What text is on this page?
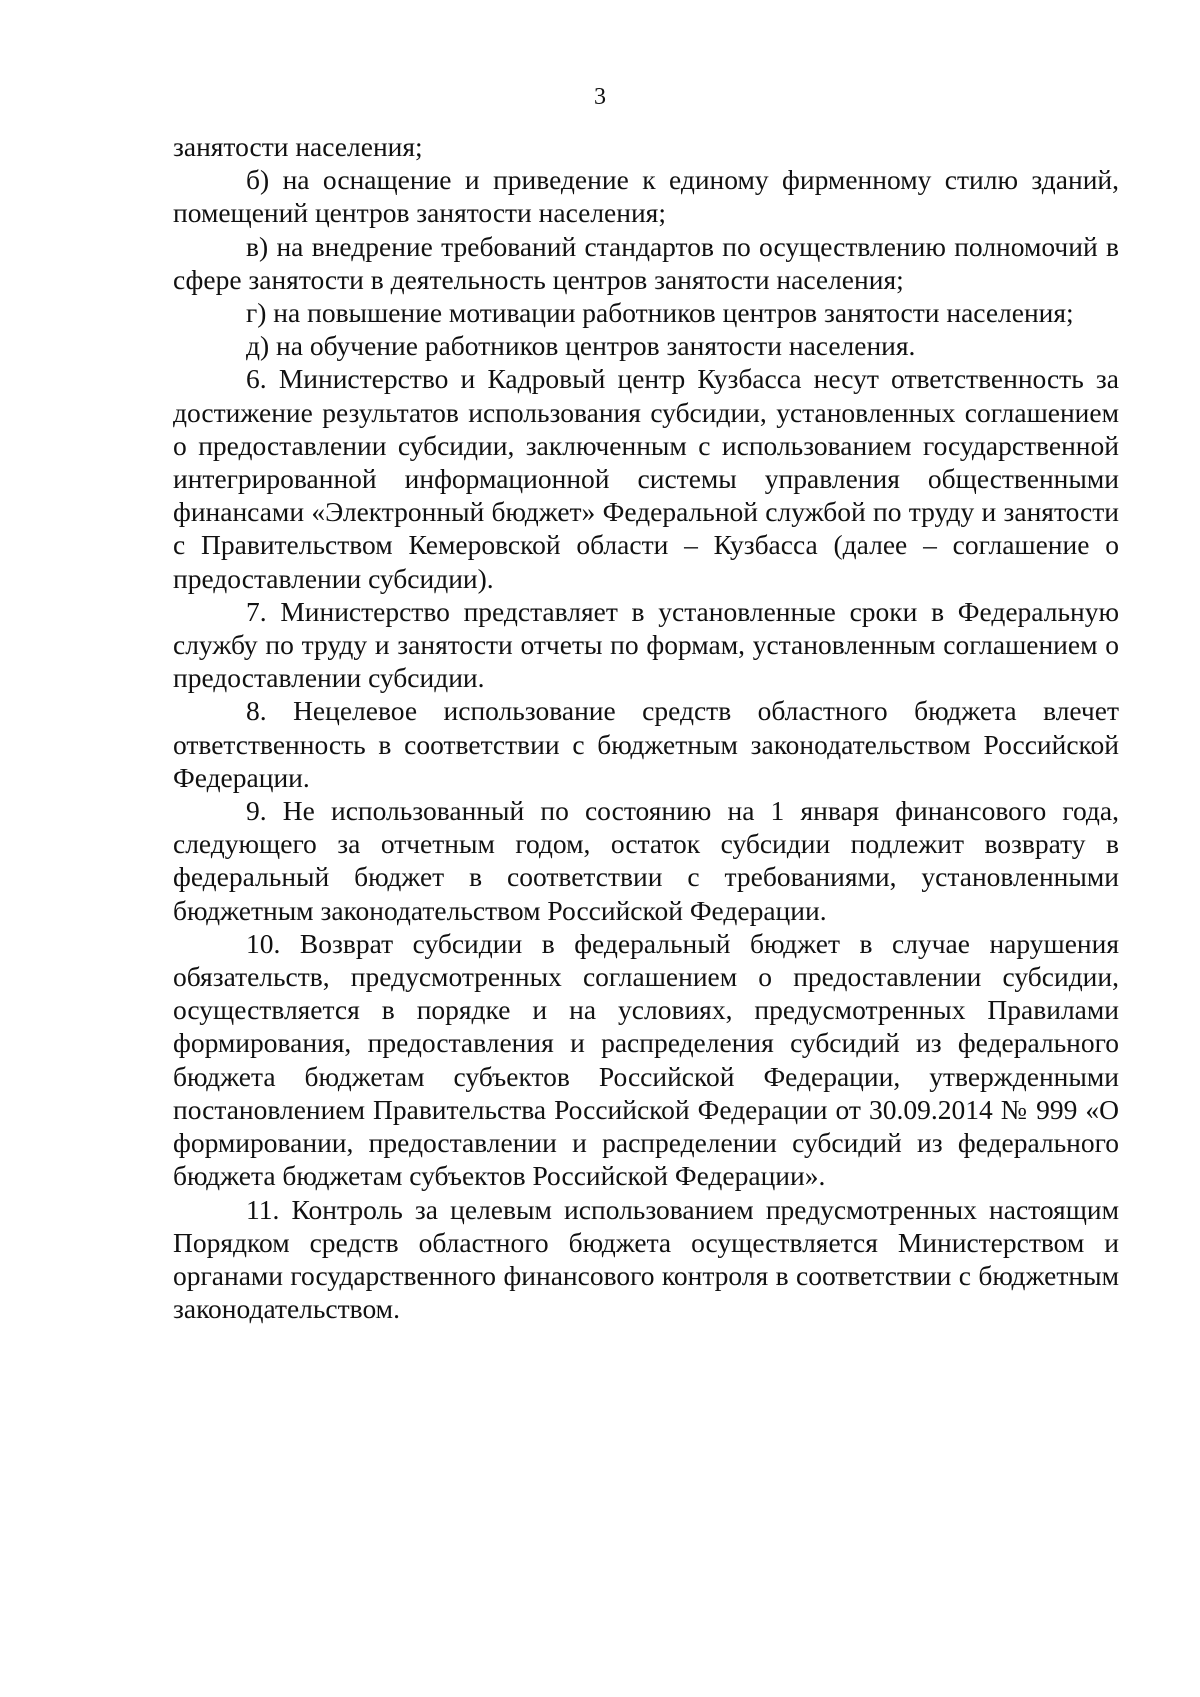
3

занятости населения;

б) на оснащение и приведение к единому фирменному стилю зданий, помещений центров занятости населения;

в) на внедрение требований стандартов по осуществлению полномочий в сфере занятости в деятельность центров занятости населения;

г) на повышение мотивации работников центров занятости населения;

д) на обучение работников центров занятости населения.

6. Министерство и Кадровый центр Кузбасса несут ответственность за достижение результатов использования субсидии, установленных соглашением о предоставлении субсидии, заключенным с использованием государственной интегрированной информационной системы управления общественными финансами «Электронный бюджет» Федеральной службой по труду и занятости с Правительством Кемеровской области – Кузбасса (далее – соглашение о предоставлении субсидии).

7. Министерство представляет в установленные сроки в Федеральную службу по труду и занятости отчеты по формам, установленным соглашением о предоставлении субсидии.

8. Нецелевое использование средств областного бюджета влечет ответственность в соответствии с бюджетным законодательством Российской Федерации.

9. Не использованный по состоянию на 1 января финансового года, следующего за отчетным годом, остаток субсидии подлежит возврату в федеральный бюджет в соответствии с требованиями, установленными бюджетным законодательством Российской Федерации.

10. Возврат субсидии в федеральный бюджет в случае нарушения обязательств, предусмотренных соглашением о предоставлении субсидии, осуществляется в порядке и на условиях, предусмотренных Правилами формирования, предоставления и распределения субсидий из федерального бюджета бюджетам субъектов Российской Федерации, утвержденными постановлением Правительства Российской Федерации от 30.09.2014 № 999 «О формировании, предоставлении и распределении субсидий из федерального бюджета бюджетам субъектов Российской Федерации».

11. Контроль за целевым использованием предусмотренных настоящим Порядком средств областного бюджета осуществляется Министерством и органами государственного финансового контроля в соответствии с бюджетным законодательством.
